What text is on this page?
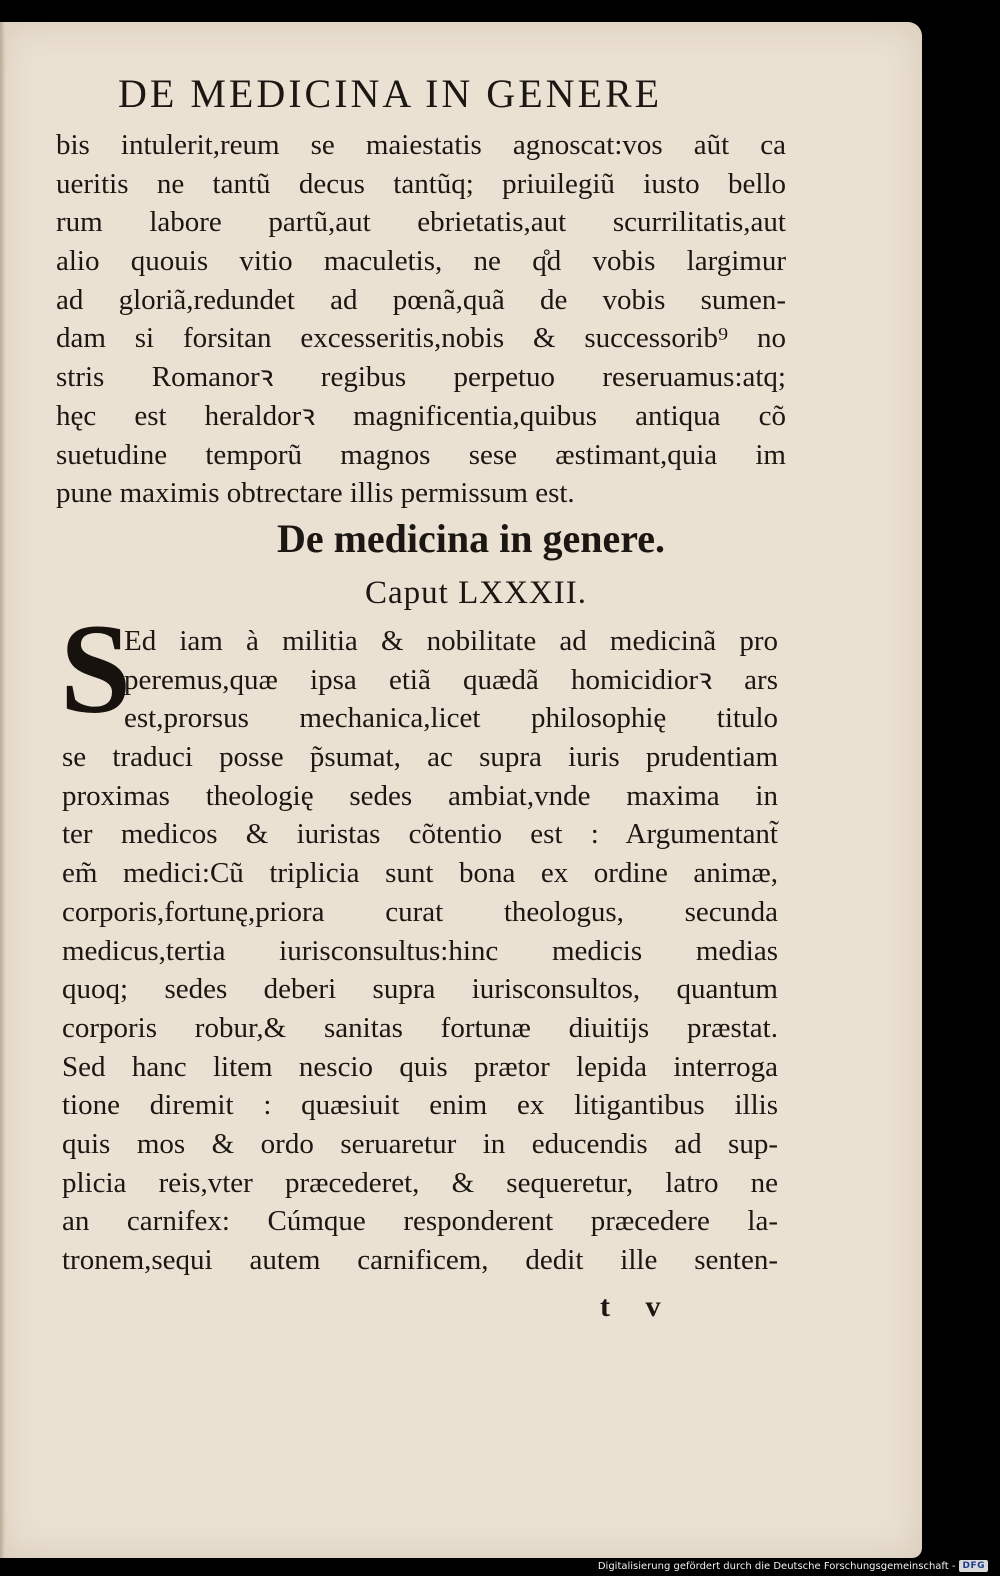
DE MEDICINA IN GENERE
bis intulerit,reum se maiestatis agnoscat:vos aũt ca
ueritis ne tantũ decus tantũq; priuilegiũ iusto bello
rum labore partũ,aut ebrietatis,aut scurrilitatis,aut
alio quouis vitio maculetis, ne q̊d vobis largimur
ad gloriã,redundet ad pœnã,quã de vobis sumen-
dam si forsitan excesseritis,nobis & successorib⁹ no
stris Romanorꝛ regibus perpetuo reseruamus:atq;
hęc est heraldorꝛ magnificentia,quibus antiqua cõ
suetudine temporũ magnos sese æstimant,quia im
pune maximis obtrectare illis permissum est.
De medicina in genere.
Caput LXXXII.
S
Ed iam à militia & nobilitate ad medicinã pro
peremus,quæ ipsa etiã quædã homicidiorꝛ ars
est,prorsus mechanica,licet philosophię titulo
se traduci posse p̃sumat, ac supra iuris prudentiam
proximas theologię sedes ambiat,vnde maxima in
ter medicos & iuristas cõtentio est : Argumentant̃
em̃ medici:Cũ triplicia sunt bona ex ordine animæ,
corporis,fortunę,priora curat theologus, secunda
medicus,tertia iurisconsultus:hinc medicis medias
quoq; sedes deberi supra iurisconsultos, quantum
corporis robur,& sanitas fortunæ diuitijs præstat.
Sed hanc litem nescio quis prætor lepida interroga
tione diremit : quæsiuit enim ex litigantibus illis
quis mos & ordo seruaretur in educendis ad sup-
plicia reis,vter præcederet, & sequeretur, latro ne
an carnifex: Cúmque responderent præcedere la-
tronem,sequi autem carnificem, dedit ille senten-
t v
Digitalisierung gefördert durch die Deutsche Forschungsgemeinschaft - DFG
